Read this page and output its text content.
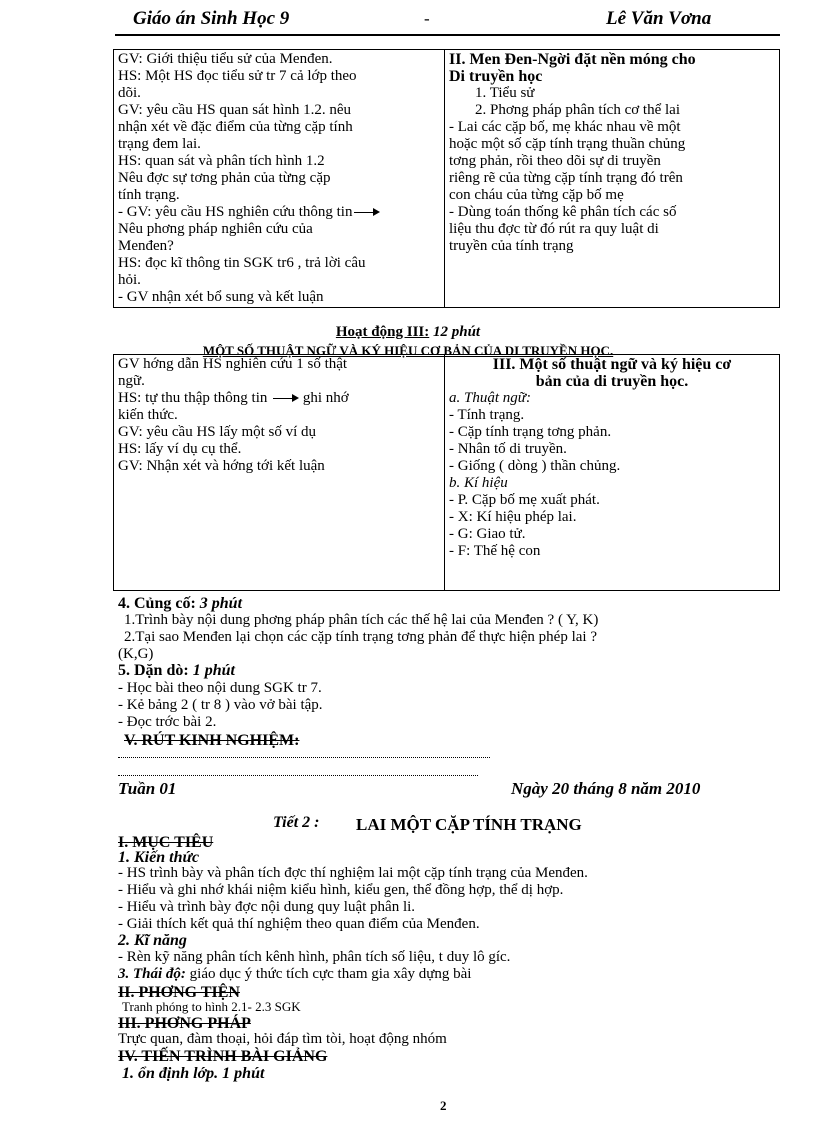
Giáo án Sinh Học 9	-	Lê Văn Vơna
GV: Giới thiệu tiểu sử của Menđen.
HS: Một HS đọc tiểu sử tr 7 cả lớp theo
dõi.
GV: yêu cầu HS quan sát hình 1.2. nêu
nhận xét về đặc điểm của từng cặp tính
trạng đem lai.
HS: quan sát và phân tích hình 1.2
Nêu đợc sự tơng phản của từng cặp
tính trạng.
- GV: yêu cầu HS nghiên cứu thông tin
Nêu phơng pháp nghiên cứu của
Menđen?
HS: đọc kĩ thông tin SGK tr6 , trả lời câu
hỏi.
- GV nhận xét bổ sung và kết luận

II. Men Đen-Ngời đặt nền móng cho
Di truyền học
1. Tiểu sử
2. Phơng pháp phân tích cơ thể lai
- Lai các cặp bố, mẹ khác nhau về một
hoặc một số cặp tính trạng thuần chủng
tơng phản, rồi theo dõi sự di truyền
riêng rẽ của từng cặp tính trạng đó trên
con cháu của từng cặp bố mẹ
- Dùng toán thống kê phân tích các số
liệu thu đợc từ đó rút ra quy luật di
truyền của tính trạng
Hoạt động III: 12 phút
MỘT SỐ THUẬT NGỮ VÀ KÝ HIỆU CƠ BẢN CỦA DI TRUYỀN HỌC.
GV hớng dẫn HS nghiên cứu 1 số thật
ngữ.
HS: tự thu thập thông tin ghi nhớ
kiến thức.
GV: yêu cầu HS lấy một số ví dụ
HS: lấy ví dụ cụ thể.
GV: Nhận xét và hớng tới kết luận

III. Một số thuật ngữ và ký hiệu cơ
bản của di truyền học.
a. Thuật ngữ:
- Tính trạng.
- Cặp tính trạng tơng phản.
- Nhân tố di truyền.
- Giống ( dòng ) thần chủng.
b. Kí hiệu
- P. Cặp bố mẹ xuất phát.
- X: Kí hiệu phép lai.
- G: Giao tử.
- F: Thế hệ con
4. Củng cố: 3 phút
1.Trình bày nội dung phơng pháp phân tích các thế hệ lai của Menđen ? ( Y, K)
2.Tại sao Menđen lại chọn các cặp tính trạng tơng phản để thực hiện phép lai ?
(K,G)
5. Dặn dò: 1 phút
- Học bài theo nội dung SGK tr 7.
- Kẻ bảng 2 ( tr 8 ) vào vở bài tập.
- Đọc trớc bài 2.
V. RÚT KINH NGHIỆM:
Tuần 01	Ngày 20 tháng 8 năm 2010
Tiết 2 : LAI MỘT CẶP TÍNH TRẠNG
I. MỤC TIÊU
1. Kiến thức
- HS trình bày và phân tích đợc thí nghiệm lai một cặp tính trạng của Menđen.
- Hiểu và ghi nhớ khái niệm kiểu hình, kiểu gen, thể đồng hợp, thể dị hợp.
- Hiểu và trình bày đợc nội dung quy luật phân li.
- Giải thích kết quả thí nghiệm theo quan điểm của Menđen.
2. Kĩ năng
- Rèn kỹ năng phân tích kênh hình, phân tích số liệu, t duy lô gíc.
3. Thái độ: giáo dục ý thức tích cực tham gia xây dựng bài
II. PHƠNG TIỆN
Tranh phóng to hình 2.1- 2.3 SGK
III. PHƠNG PHÁP
Trực quan, đàm thoại, hỏi đáp tìm tòi, hoạt động nhóm
IV. TIẾN TRÌNH BÀI GIẢNG
1. ổn định lớp. 1 phút
2
